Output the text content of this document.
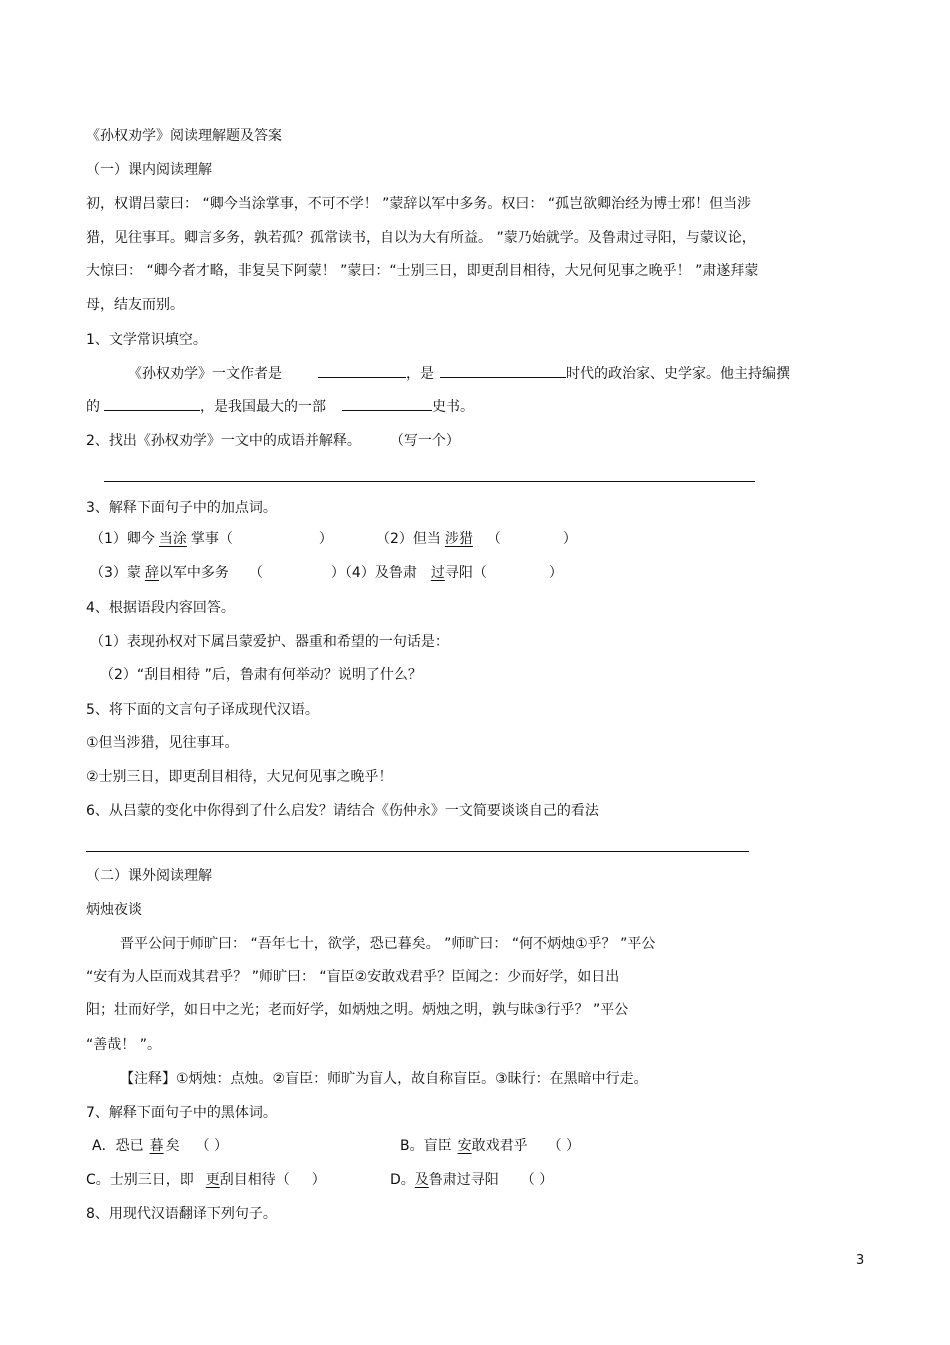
《孙权劝学》阅读理解题及答案
（一）课内阅读理解
初，权谓吕蒙曰： “卿今当涂掌事，不可不学！ ”蒙辞以军中多务。权曰： “孤岂欲卿治经为博士邪！但当涉
猎，见往事耳。卿言多务，孰若孤？孤常读书，自以为大有所益。 ”蒙乃始就学。及鲁肃过寻阳，与蒙议论，
大惊曰： “卿今者才略，非复吴下阿蒙！ ”蒙曰：“士别三日，即更刮目相待，大兄何见事之晚乎！ ”肃遂拜蒙
母，结友而别。
1、文学常识填空。
《孙权劝学》一文作者是	，是	时代的政治家、史学家。他主持编撰
的	，是我国最大的一部	史书。
2、找出《孙权劝学》一文中的成语并解释。	（写一个）
3、解释下面句子中的加点词。
（1）卿今 当涂 掌事（	）	（2）但当 涉猎 （	）
（3）蒙 辞以军中多务 （	）（4）及鲁肃 过寻阳（	）
4、根据语段内容回答。
（1）表现孙权对下属吕蒙爱护、器重和希望的一句话是：
（2）“刮目相待 ”后，鲁肃有何举动？说明了什么？
5、将下面的文言句子译成现代汉语。
①但当涉猎，见往事耳。
②士别三日，即更刮目相待，大兄何见事之晚乎！
6、从吕蒙的变化中你得到了什么启发？请结合《伤仲永》一文简要谈谈自己的看法
（二）课外阅读理解
炳烛夜谈
晋平公问于师旷曰： “吾年七十，欲学，恐已暮矣。 ”师旷曰： “何不炳烛①乎？ ”平公
“安有为人臣而戏其君乎？ ”师旷曰： “盲臣②安敢戏君乎？臣闻之：少而好学，如日出
阳；壮而好学，如日中之光；老而好学，如炳烛之明。炳烛之明，孰与昧③行乎？ ”平公
“善哉！ ”。
【注释】①炳烛：点烛。②盲臣：师旷为盲人，故自称盲臣。③昧行：在黑暗中行走。
7、解释下面句子中的黑体词。
A．恐已 暮 矣 （ ）	B。盲臣 安敢戏君乎 （ ）
C。士别三日，即 更刮目相待（ ）	D。及鲁肃过寻阳 （ ）
8、用现代汉语翻译下列句子。
3
